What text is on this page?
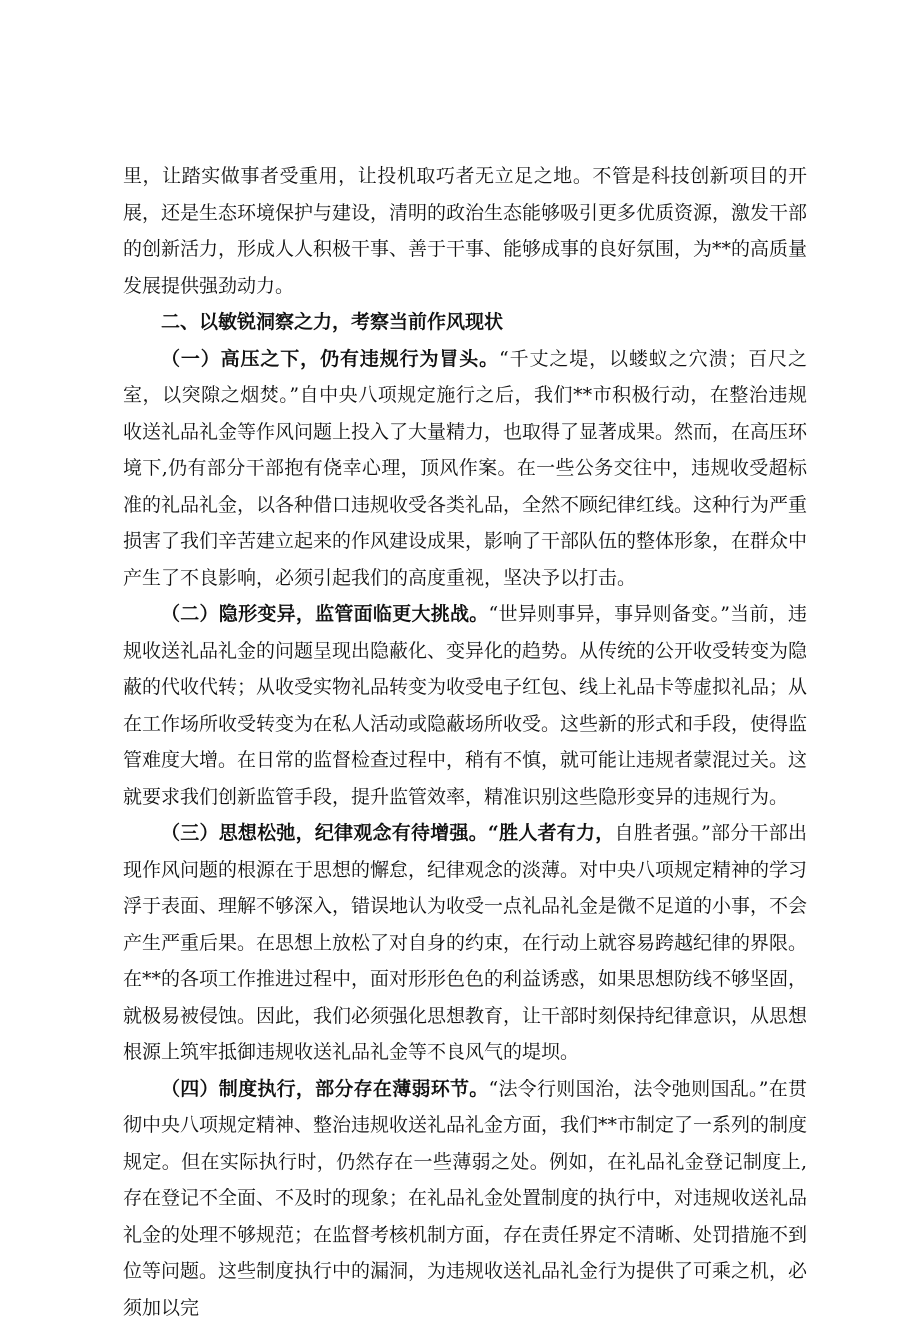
里，让踏实做事者受重用，让投机取巧者无立足之地。不管是科技创新项目的开展，还是生态环境保护与建设，清明的政治生态能够吸引更多优质资源，激发干部的创新活力，形成人人积极干事、善于干事、能够成事的良好氛围，为**的高质量发展提供强劲动力。

二、以敏锐洞察之力，考察当前作风现状

（一）高压之下，仍有违规行为冒头。“千丈之堤，以蝼蚁之穴溃；百尺之室，以突隙之烟焚。”自中央八项规定施行之后，我们**市积极行动，在整治违规收送礼品礼金等作风问题上投入了大量精力，也取得了显著成果。然而，在高压环境下,仍有部分干部抱有侥幸心理，顶风作案。在一些公务交往中，违规收受超标准的礼品礼金，以各种借口违规收受各类礼品，全然不顾纪律红线。这种行为严重损害了我们辛苦建立起来的作风建设成果，影响了干部队伍的整体形象，在群众中产生了不良影响，必须引起我们的高度重视，坚决予以打击。

（二）隐形变异，监管面临更大挑战。“世异则事异，事异则备变。”当前，违规收送礼品礼金的问题呈现出隐蔽化、变异化的趋势。从传统的公开收受转变为隐蔽的代收代转；从收受实物礼品转变为收受电子红包、线上礼品卡等虚拟礼品；从在工作场所收受转变为在私人活动或隐蔽场所收受。这些新的形式和手段，使得监管难度大增。在日常的监督检查过程中，稍有不慎，就可能让违规者蒙混过关。这就要求我们创新监管手段，提升监管效率，精准识别这些隐形变异的违规行为。

（三）思想松弛，纪律观念有待增强。“胜人者有力，自胜者强。”部分干部出现作风问题的根源在于思想的懈怠，纪律观念的淡薄。对中央八项规定精神的学习浮于表面、理解不够深入，错误地认为收受一点礼品礼金是微不足道的小事，不会产生严重后果。在思想上放松了对自身的约束，在行动上就容易跨越纪律的界限。在**的各项工作推进过程中，面对形形色色的利益诱惑，如果思想防线不够坚固，就极易被侵蚀。因此，我们必须强化思想教育，让干部时刻保持纪律意识，从思想根源上筑牢抵御违规收送礼品礼金等不良风气的堤坝。

（四）制度执行，部分存在薄弱环节。“法令行则国治，法令弛则国乱。”在贯彻中央八项规定精神、整治违规收送礼品礼金方面，我们**市制定了一系列的制度规定。但在实际执行时，仍然存在一些薄弱之处。例如，在礼品礼金登记制度上,存在登记不全面、不及时的现象；在礼品礼金处置制度的执行中，对违规收送礼品礼金的处理不够规范；在监督考核机制方面，存在责任界定不清晰、处罚措施不到位等问题。这些制度执行中的漏洞，为违规收送礼品礼金行为提供了可乘之机，必须加以完
